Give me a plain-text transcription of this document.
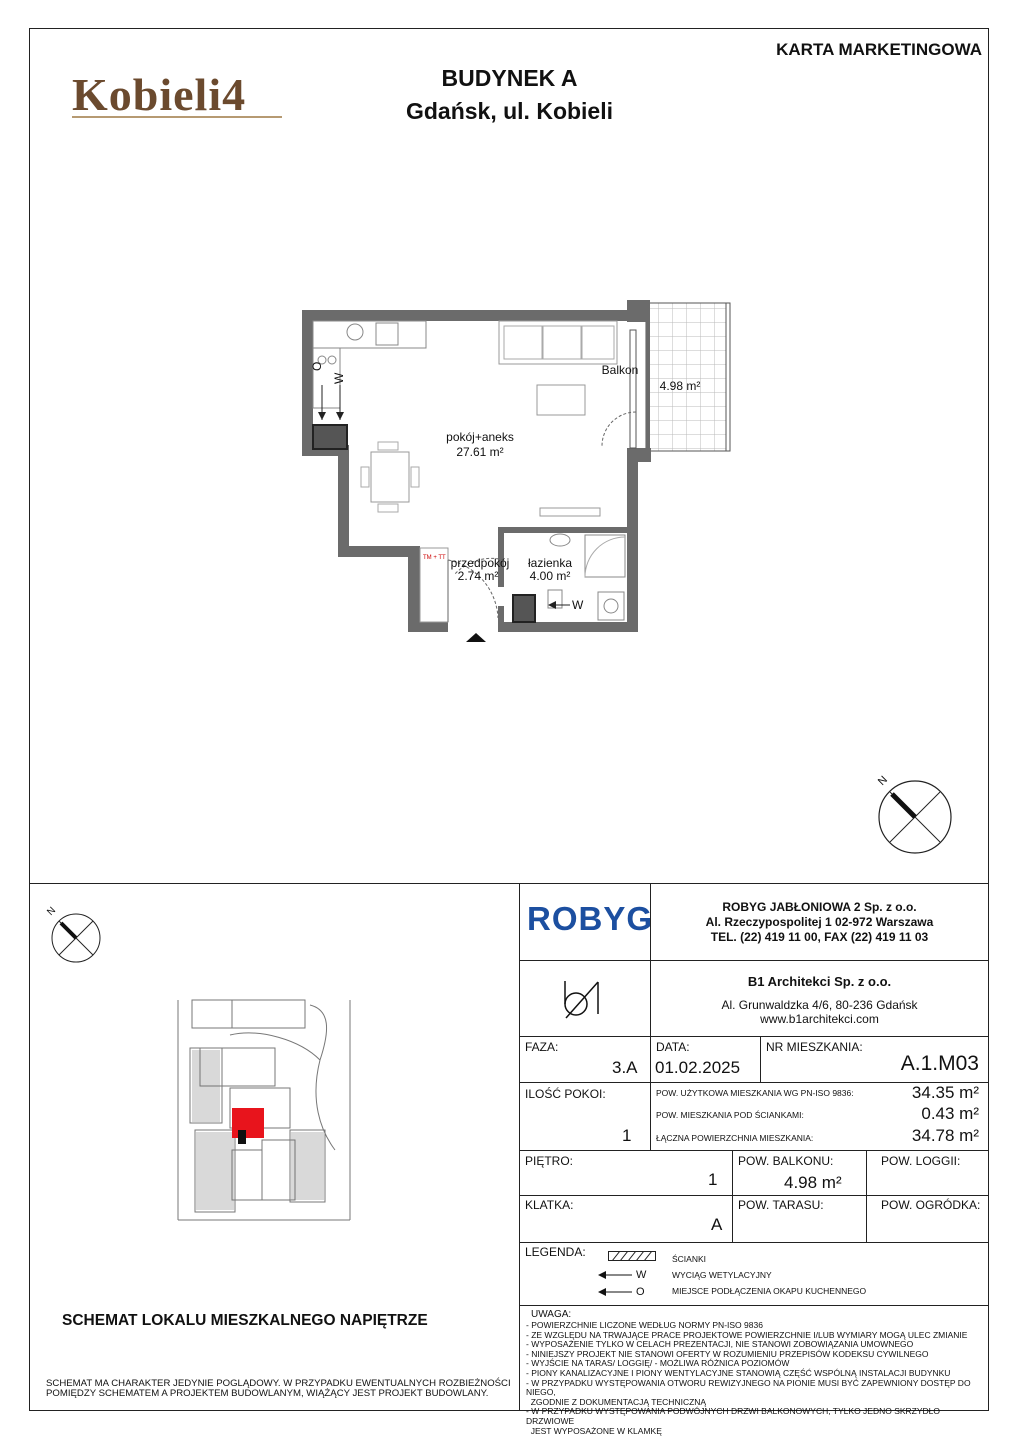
KARTA MARKETINGOWA
BUDYNEK A
Gdańsk, ul. Kobieli
Kobieli4
O
W
Balkon
4.98 m²
pokój+aneks
27.61 m²
przedpokój
2.74 m²
łazienka
4.00 m²
W
TM + TT
N
N
SCHEMAT LOKALU MIESZKALNEGO NAPIĘTRZE
SCHEMAT MA CHARAKTER JEDYNIE POGLĄDOWY. W PRZYPADKU EWENTUALNYCH ROZBIEŻNOŚCI
POMIĘDZY SCHEMATEM A PROJEKTEM BUDOWLANYM, WIĄŻĄCY JEST PROJEKT BUDOWLANY.
ROBYG	ROBYG JABŁONIOWA 2 Sp. z o.o.
Al. Rzeczypospolitej 1 02-972 Warszawa
TEL. (22) 419 11 00, FAX (22) 419 11 03
B1 Architekci Sp. z o.o.
Al. Grunwaldzka 4/6, 80-236 Gdańsk
www.b1architekci.com
FAZA:
3.A
DATA:
01.02.2025
NR MIESZKANIA:
A.1.M03
ILOŚĆ POKOI:
1
POW. UŻYTKOWA MIESZKANIA WG PN-ISO 9836:	34.35 m²
POW. MIESZKANIA POD ŚCIANKAMI:	0.43 m²
ŁĄCZNA POWIERZCHNIA MIESZKANIA:	34.78 m²
PIĘTRO:
1
POW. BALKONU:
4.98 m²
POW. LOGGII:
KLATKA:
A
POW. TARASU:	POW. OGRÓDKA:
LEGENDA:	ŚCIANKI
W	WYCIĄG WETYLACYJNY
O	MIEJSCE PODŁĄCZENIA OKAPU KUCHENNEGO
UWAGA:
- POWIERZCHNIE LICZONE WEDŁUG NORMY PN-ISO 9836
- ZE WZGLĘDU NA TRWAJĄCE PRACE PROJEKTOWE POWIERZCHNIE I/LUB WYMIARY MOGĄ ULEC ZMIANIE
- WYPOSAŻENIE TYLKO W CELACH PREZENTACJI, NIE STANOWI ZOBOWIĄZANIA UMOWNEGO
- NINIEJSZY PROJEKT NIE STANOWI OFERTY W ROZUMIENIU PRZEPISÓW KODEKSU CYWILNEGO
- WYJŚCIE NA TARAS/ LOGGIĘ/ - MOŻLIWA RÓŻNICA POZIOMÓW
- PIONY KANALIZACYJNE I PIONY WENTYLACYJNE STANOWIĄ CZĘŚĆ WSPÓLNĄ INSTALACJI BUDYNKU
- W PRZYPADKU WYSTĘPOWANIA OTWORU REWIZYJNEGO NA PIONIE MUSI BYĆ ZAPEWNIONY DOSTĘP DO NIEGO,
ZGODNIE Z DOKUMENTACJĄ TECHNICZNĄ
- W PRZYPADKU WYSTĘPOWANIA PODWÓJNYCH DRZWI BALKONOWYCH, TYLKO JEDNO SKRZYDŁO DRZWIOWE
JEST WYPOSAŻONE W KLAMKĘ
